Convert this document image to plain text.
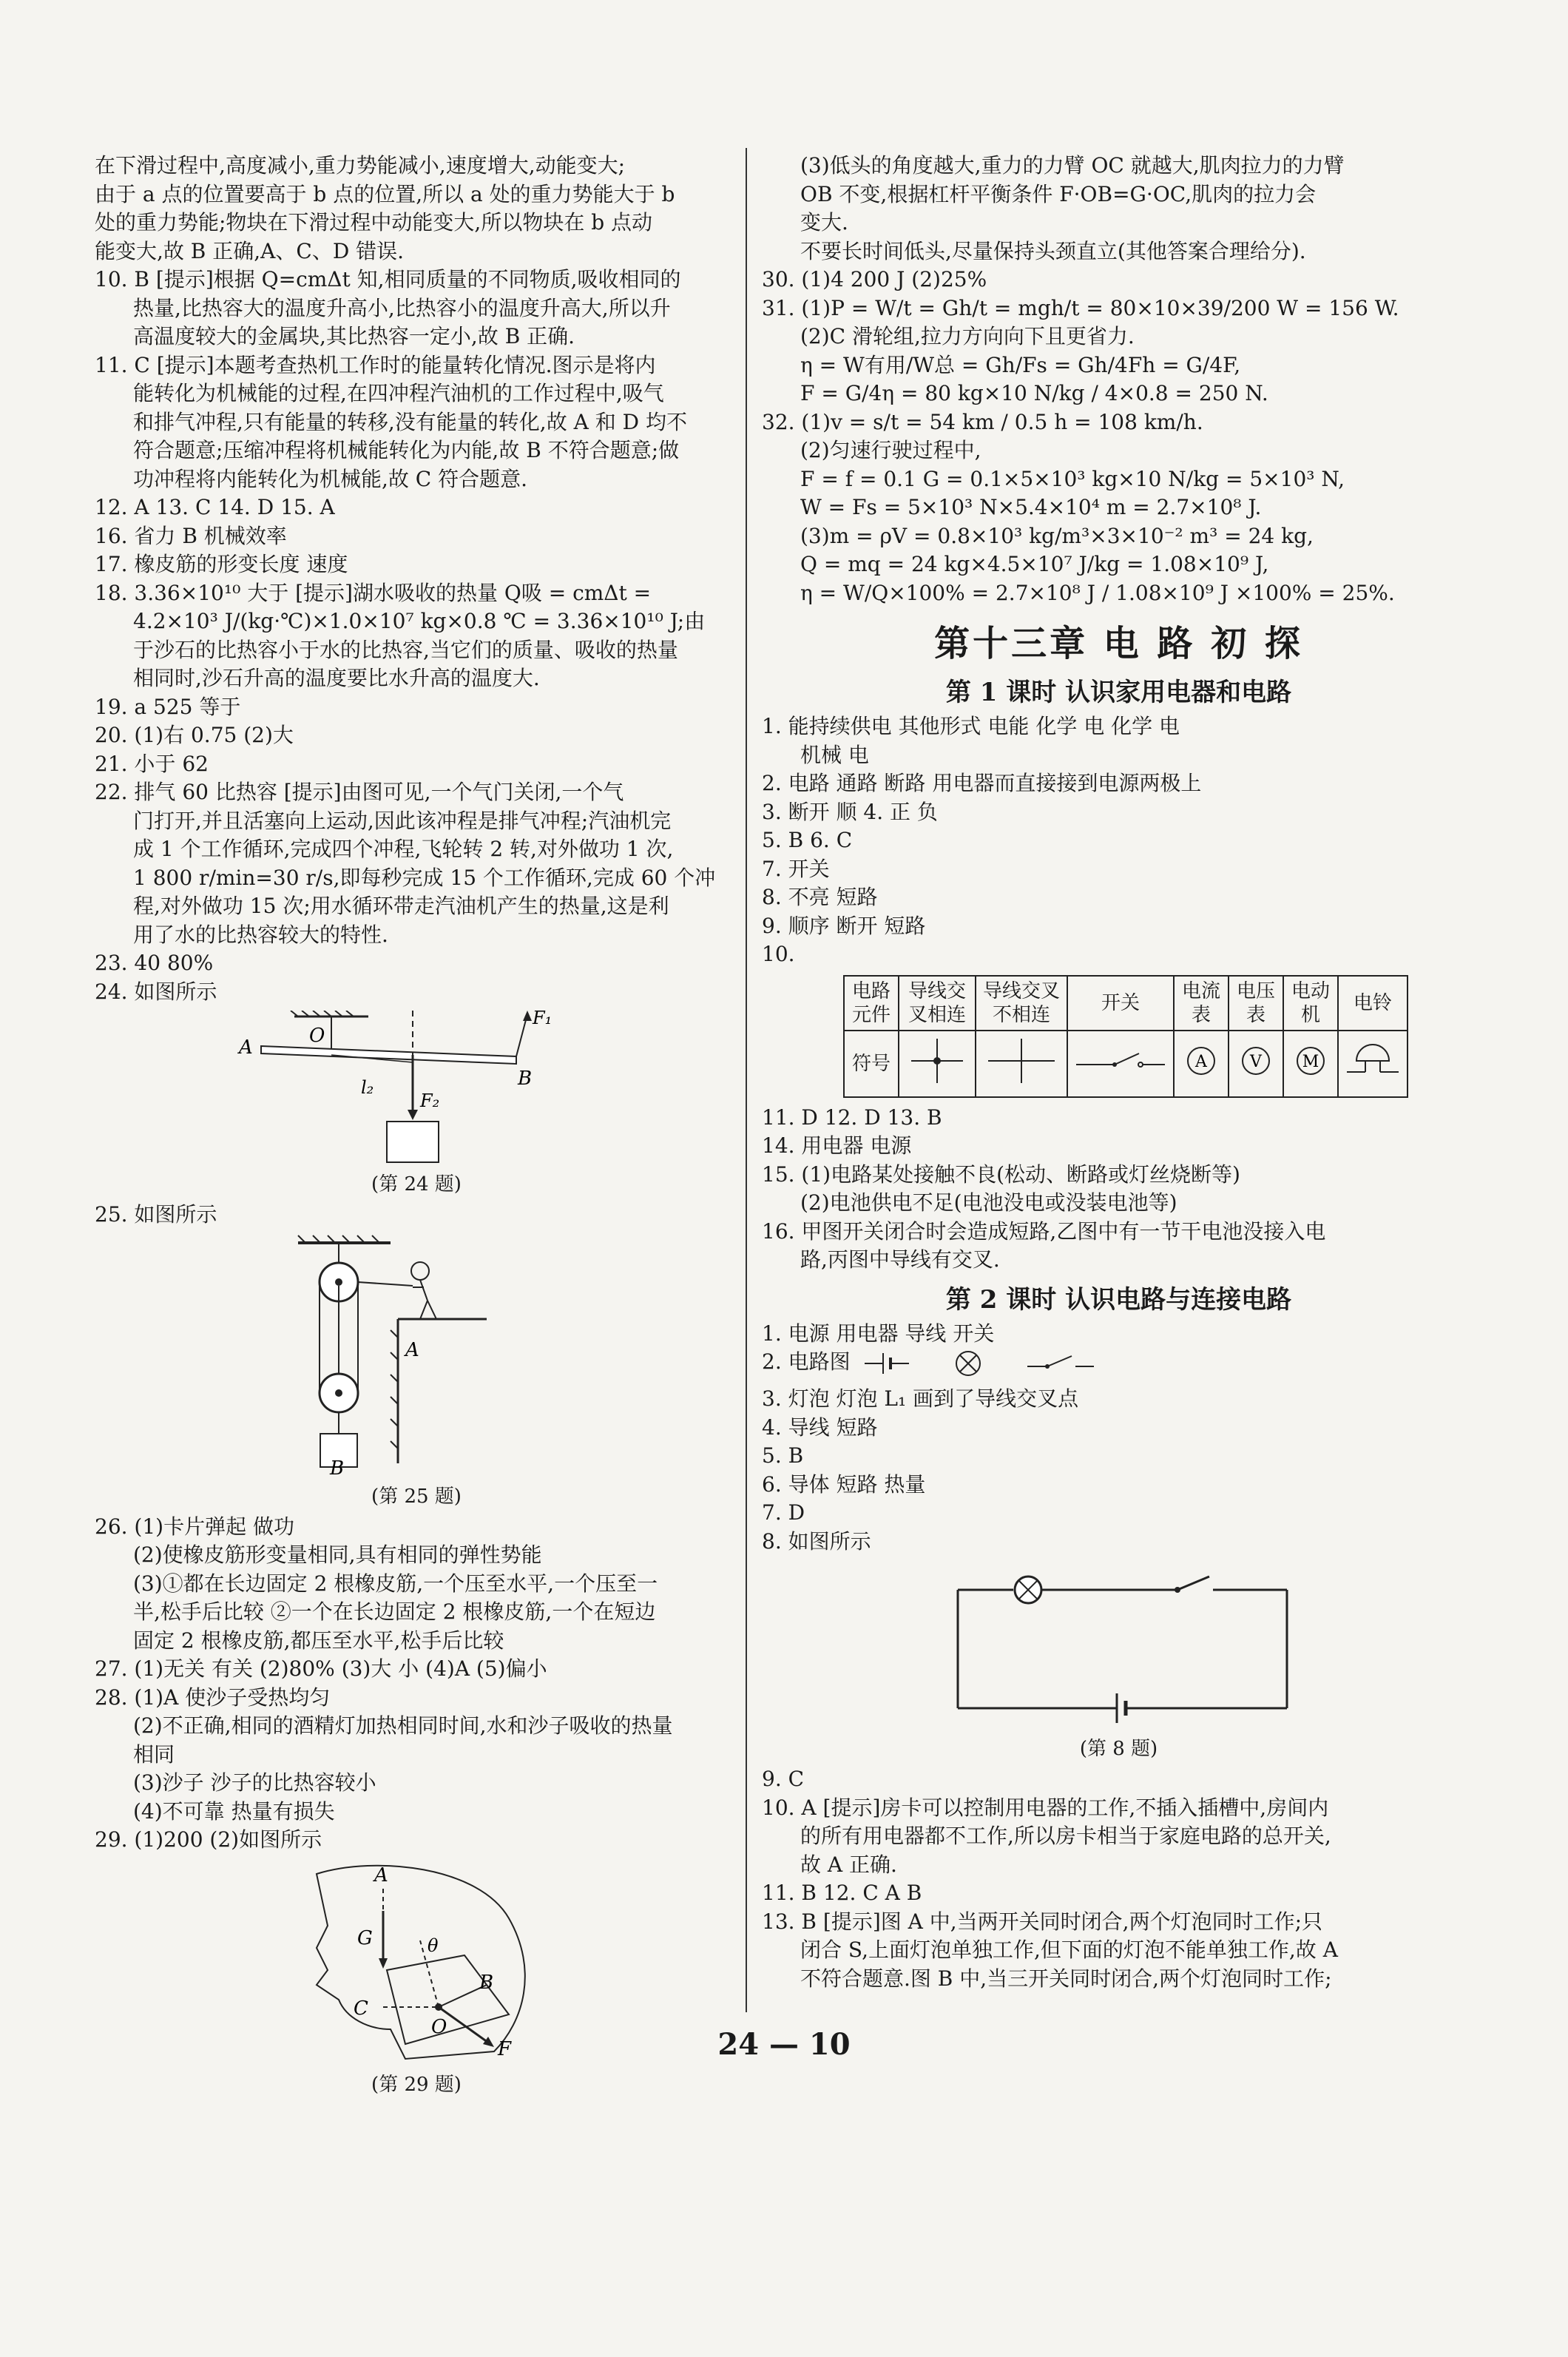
在下滑过程中,高度减小,重力势能减小,速度增大,动能变大;
由于 a 点的位置要高于 b 点的位置,所以 a 处的重力势能大于 b
处的重力势能;物块在下滑过程中动能变大,所以物块在 b 点动
能变大,故 B 正确,A、C、D 错误.
10. B [提示]根据 Q=cmΔt 知,相同质量的不同物质,吸收相同的
热量,比热容大的温度升高小,比热容小的温度升高大,所以升
高温度较大的金属块,其比热容一定小,故 B 正确.
11. C [提示]本题考查热机工作时的能量转化情况.图示是将内
能转化为机械能的过程,在四冲程汽油机的工作过程中,吸气
和排气冲程,只有能量的转移,没有能量的转化,故 A 和 D 均不
符合题意;压缩冲程将机械能转化为内能,故 B 不符合题意;做
功冲程将内能转化为机械能,故 C 符合题意.
12. A 13. C 14. D 15. A
16. 省力 B 机械效率
17. 橡皮筋的形变长度 速度
18. 3.36×10¹⁰ 大于 [提示]湖水吸收的热量 Q吸 = cmΔt =
4.2×10³ J/(kg·℃)×1.0×10⁷ kg×0.8 ℃ = 3.36×10¹⁰ J;由
于沙石的比热容小于水的比热容,当它们的质量、吸收的热量
相同时,沙石升高的温度要比水升高的温度大.
19. a 525 等于
20. (1)右 0.75 (2)大
21. 小于 62
22. 排气 60 比热容 [提示]由图可见,一个气门关闭,一个气
门打开,并且活塞向上运动,因此该冲程是排气冲程;汽油机完
成 1 个工作循环,完成四个冲程,飞轮转 2 转,对外做功 1 次,
1 800 r/min=30 r/s,即每秒完成 15 个工作循环,完成 60 个冲
程,对外做功 15 次;用水循环带走汽油机产生的热量,这是利
用了水的比热容较大的特性.
23. 40 80%
24. 如图所示
A
O
B
F₁
F₂
l₂
(第 24 题)
25. 如图所示
A
B
(第 25 题)
26. (1)卡片弹起 做功
(2)使橡皮筋形变量相同,具有相同的弹性势能
(3)①都在长边固定 2 根橡皮筋,一个压至水平,一个压至一
半,松手后比较 ②一个在长边固定 2 根橡皮筋,一个在短边
固定 2 根橡皮筋,都压至水平,松手后比较
27. (1)无关 有关 (2)80% (3)大 小 (4)A (5)偏小
28. (1)A 使沙子受热均匀
(2)不正确,相同的酒精灯加热相同时间,水和沙子吸收的热量
相同
(3)沙子 沙子的比热容较小
(4)不可靠 热量有损失
29. (1)200 (2)如图所示
A
G
C
O
B
F
θ
(第 29 题)
(3)低头的角度越大,重力的力臂 OC 就越大,肌肉拉力的力臂
OB 不变,根据杠杆平衡条件 F·OB=G·OC,肌肉的拉力会
变大.
不要长时间低头,尽量保持头颈直立(其他答案合理给分).
30. (1)4 200 J (2)25%
31. (1)P = W/t = Gh/t = mgh/t = 80×10×39/200 W = 156 W.
(2)C 滑轮组,拉力方向向下且更省力.
η = W有用/W总 = Gh/Fs = Gh/4Fh = G/4F,
F = G/4η = 80 kg×10 N/kg / 4×0.8 = 250 N.
32. (1)v = s/t = 54 km / 0.5 h = 108 km/h.
(2)匀速行驶过程中,
F = f = 0.1 G = 0.1×5×10³ kg×10 N/kg = 5×10³ N,
W = Fs = 5×10³ N×5.4×10⁴ m = 2.7×10⁸ J.
(3)m = ρV = 0.8×10³ kg/m³×3×10⁻² m³ = 24 kg,
Q = mq = 24 kg×4.5×10⁷ J/kg = 1.08×10⁹ J,
η = W/Q×100% = 2.7×10⁸ J / 1.08×10⁹ J ×100% = 25%.
第十三章 电 路 初 探
第 1 课时 认识家用电器和电路
1. 能持续供电 其他形式 电能 化学 电 化学 电
机械 电
2. 电路 通路 断路 用电器而直接接到电源两极上
3. 断开 顺 4. 正 负
5. B 6. C
7. 开关
8. 不亮 短路
9. 顺序 断开 短路
10.
电路元件	导线交叉相连	导线交叉不相连	开关	电流表	电压表	电动机	电铃
符号				A	V	M

11. D 12. D 13. B
14. 用电器 电源
15. (1)电路某处接触不良(松动、断路或灯丝烧断等)
(2)电池供电不足(电池没电或没装电池等)
16. 甲图开关闭合时会造成短路,乙图中有一节干电池没接入电
路,丙图中导线有交叉.
第 2 课时 认识电路与连接电路
1. 电源 用电器 导线 开关
2. 电路图
3. 灯泡 灯泡 L₁ 画到了导线交叉点
4. 导线 短路
5. B
6. 导体 短路 热量
7. D
8. 如图所示
(第 8 题)
9. C
10. A [提示]房卡可以控制用电器的工作,不插入插槽中,房间内
的所有用电器都不工作,所以房卡相当于家庭电路的总开关,
故 A 正确.
11. B 12. C A B
13. B [提示]图 A 中,当两开关同时闭合,两个灯泡同时工作;只
闭合 S,上面灯泡单独工作,但下面的灯泡不能单独工作,故 A
不符合题意.图 B 中,当三开关同时闭合,两个灯泡同时工作;
24 — 10
